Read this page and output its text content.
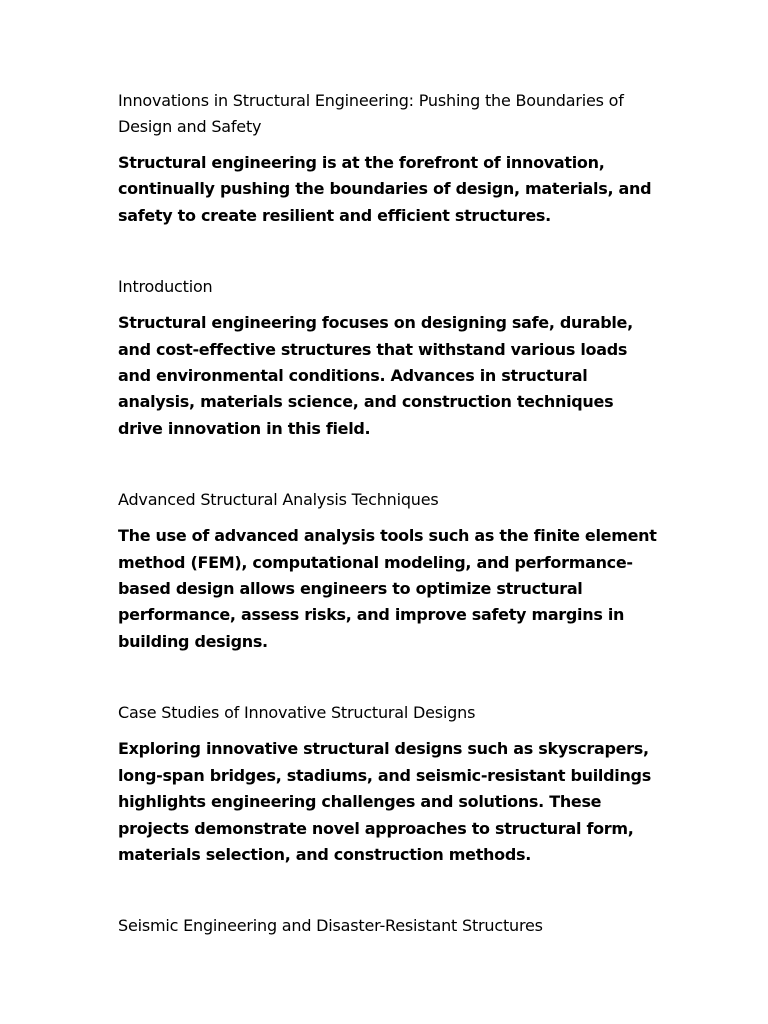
Innovations in Structural Engineering: Pushing the Boundaries of Design and Safety

Structural engineering is at the forefront of innovation, continually pushing the boundaries of design, materials, and safety to create resilient and efficient structures.

Introduction

Structural engineering focuses on designing safe, durable, and cost-effective structures that withstand various loads and environmental conditions. Advances in structural analysis, materials science, and construction techniques drive innovation in this field.

Advanced Structural Analysis Techniques

The use of advanced analysis tools such as the finite element method (FEM), computational modeling, and performance-based design allows engineers to optimize structural performance, assess risks, and improve safety margins in building designs.

Case Studies of Innovative Structural Designs

Exploring innovative structural designs such as skyscrapers, long-span bridges, stadiums, and seismic-resistant buildings highlights engineering challenges and solutions. These projects demonstrate novel approaches to structural form, materials selection, and construction methods.

Seismic Engineering and Disaster-Resistant Structures
